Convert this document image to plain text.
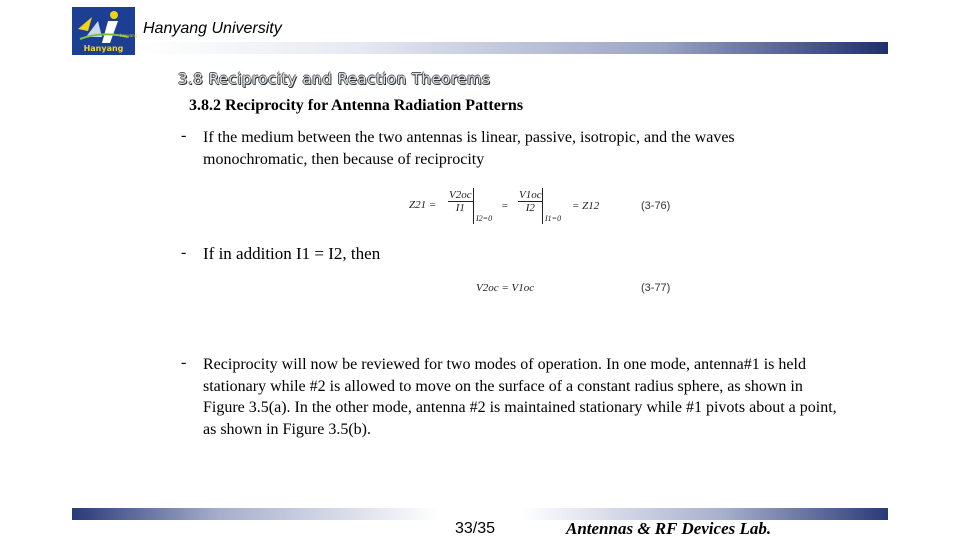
hanyang
Hanyang
Hanyang University
3.8 Reciprocity and Reaction Theorems
3.8.2 Reciprocity for Antenna Radiation Patterns
- If the medium between the two antennas is linear, passive, isotropic, and the waves monochromatic, then because of reciprocity
$Z21 = \frac{V2oc}{I1}$
I2=0
= $\frac{V1oc}{I2}$
I1=0
= Z12	(3-76)
- If in addition I1 = I2, then
V2oc = V1oc	(3-77)
- Reciprocity will now be reviewed for two modes of operation. In one mode, antenna#1 is held stationary while #2 is allowed to move on the surface of a constant radius sphere, as shown in Figure 3.5(a). In the other mode, antenna #2 is maintained stationary while #1 pivots about a point, as shown in Figure 3.5(b).
33/35	Antennas & RF Devices Lab.
